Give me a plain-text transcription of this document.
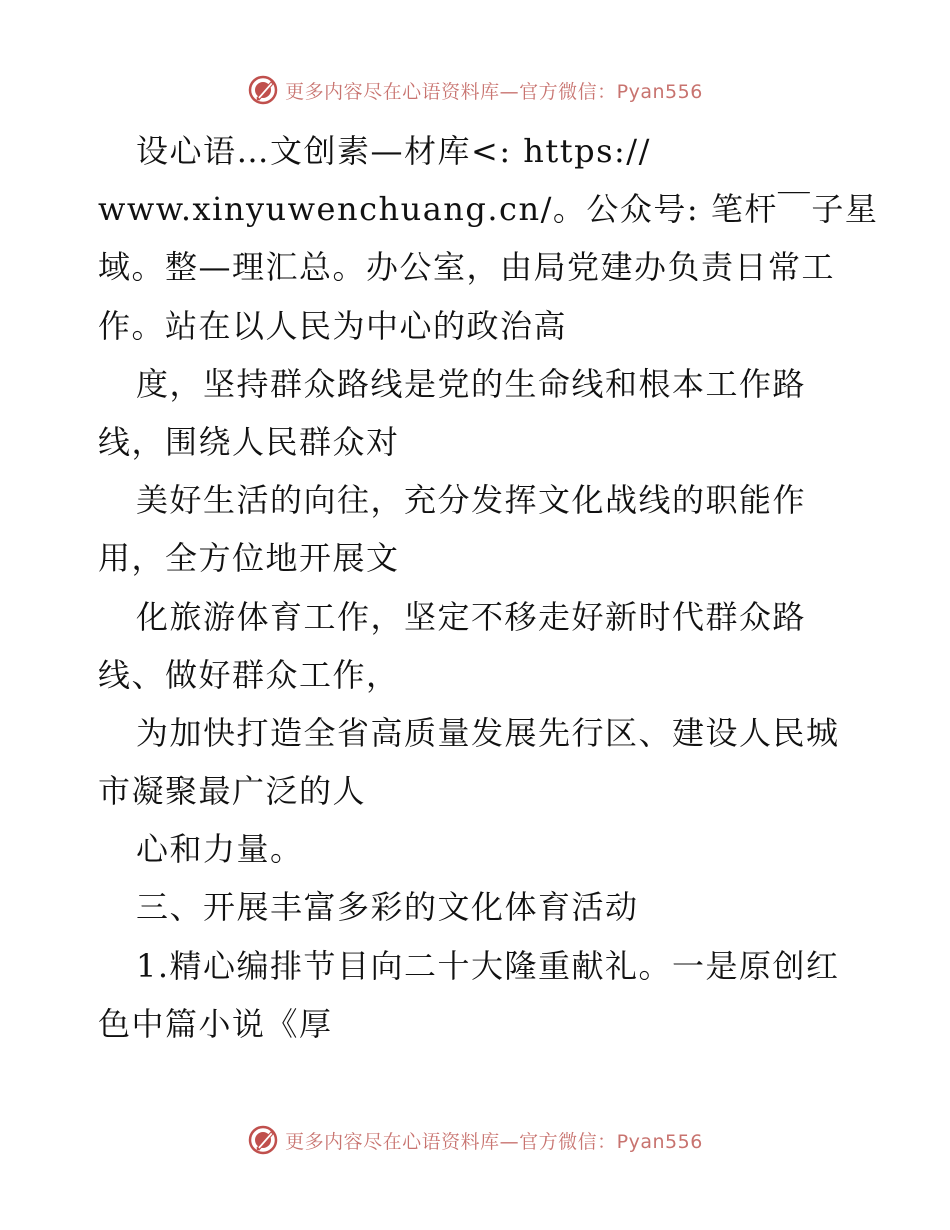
更多内容尽在心语资料库—官方微信：Pyan556
设心语…文创素—材库<: https://
www.xinyuwenchuang.cn/。公众号: 笔杆￣子星
域。整—理汇总。办公室，由局党建办负责日常工
作。站在以人民为中心的政治高
度，坚持群众路线是党的生命线和根本工作路
线，围绕人民群众对
美好生活的向往，充分发挥文化战线的职能作
用，全方位地开展文
化旅游体育工作，坚定不移走好新时代群众路
线、做好群众工作，
为加快打造全省高质量发展先行区、建设人民城
市凝聚最广泛的人
心和力量。
三、开展丰富多彩的文化体育活动
1.精心编排节目向二十大隆重献礼。一是原创红
色中篇小说《厚
更多内容尽在心语资料库—官方微信：Pyan556
